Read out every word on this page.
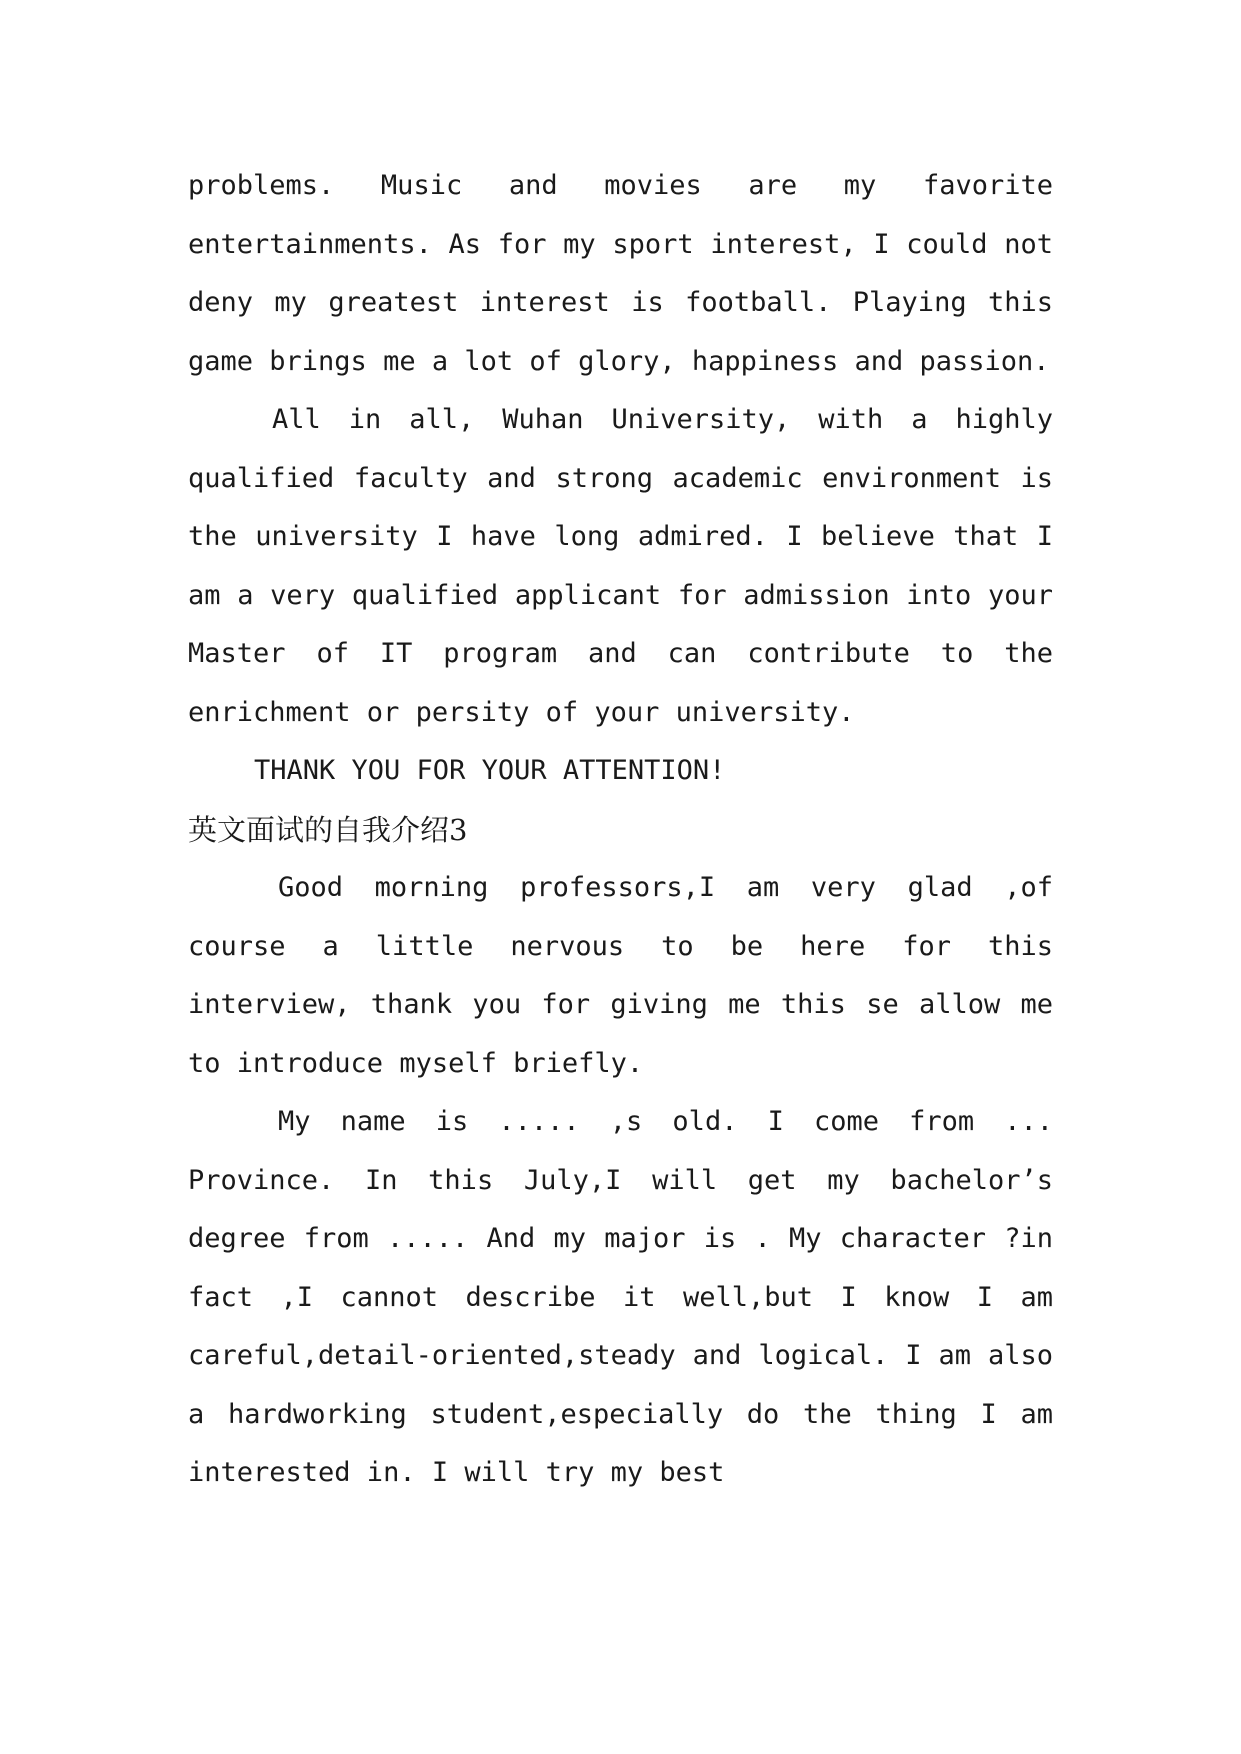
problems. Music and movies are my favorite entertainments. As for my sport interest, I could not deny my greatest interest is football. Playing this game brings me a lot of glory, happiness and passion.

All in all, Wuhan University, with a highly qualified faculty and strong academic environment is the university I have long admired. I believe that I am a very qualified applicant for admission into your Master of IT program and can contribute to the enrichment or persity of your university.

THANK YOU FOR YOUR ATTENTION!

英文面试的自我介绍3

Good morning professors,I am very glad ,of course a little nervous to be here for this interview, thank you for giving me this se allow me to introduce myself briefly.

My name is ..... ,s old. I come from ... Province. In this July,I will get my bachelor’s degree from ..... And my major is . My character ?in fact ,I cannot describe it well,but I know I am careful,detail-oriented,steady and logical. I am also a hardworking student,especially do the thing I am interested in. I will try my best
